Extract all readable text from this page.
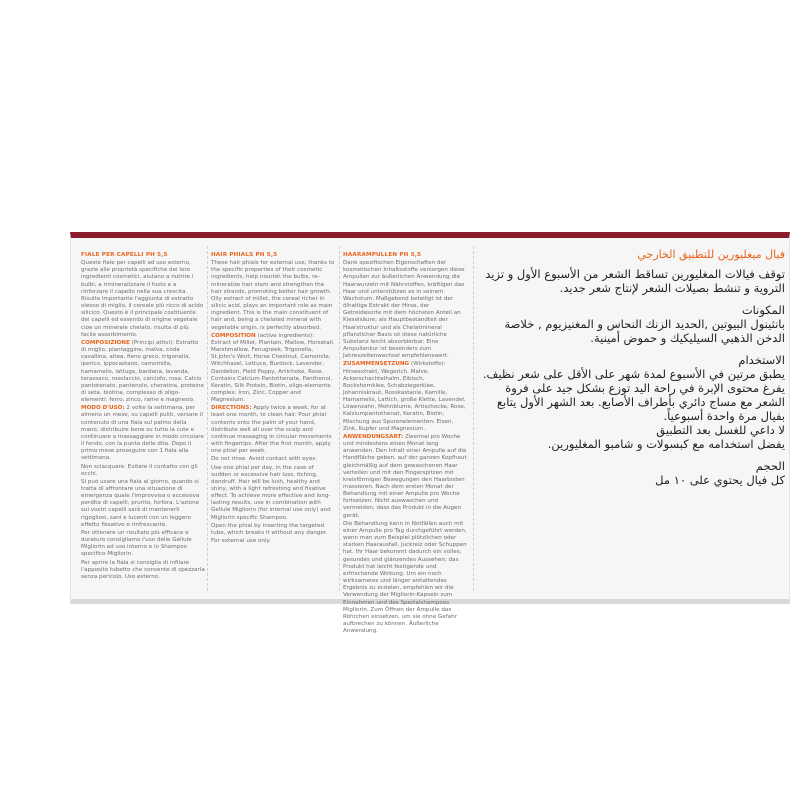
FIALE PER CAPELLI PH 5,5

Queste fiale per capelli ad uso esterno, grazie alle proprietà specifiche dei loro ingredienti cosmetici, aiutano a nutrire i bulbi, a rimineralizzare il fusto e a rinforzare il capello nella sua crescita. Risulta importante l'aggiunta di estratto oleoso di miglio, il cereale più ricco di acido silicico. Questo è il principale costituente dei capelli ed essendo di origine vegetale cioe un minerale chelato, risulta di più facile assorbimento.

COMPOSIZIONE (Principi attivi): Estratto di miglio, piantaggine, malva, coda cavallina, altea, fieno greco, trigonella, iperico, ippocastano, camomilla, hamamelis, lattuga, bardana, lavanda, tarassaco, rosolaccio, carciofo, rosa. Calcio pantotenato, pantenolo, cheratina, proteine di seta, biotina, complesso di oligo-elementi: ferro, zinco, rame e magnesio.

MODO D'USO: 2 volte la settimana, per almeno un mese, su capelli puliti, versare il contenuto di una fiala sul palmo della mano, distribuire bene su tutta la cute e continuare a massaggiare in modo circolare il fondo, con la punta delle dita. Dopo il primo mese proseguire con 1 fiala alla settimana.

Non sciacquare. Evitare il contatto con gli occhi.

Si può usare una fiala al giorno, quando si tratta di affrontare una situazione di emergenza quale l'improvvisa o eccessiva perdita di capelli, prurito, forfora. L'azione sui vostri capelli sarà di mantenerli rigogliosi, sani e lucenti con un leggero effetto fissativo e rinfrescante.

Per ottenere un risultato più efficace e duraturo consigliamo l'uso delle Gellule Migliorin ad uso interno e lo Shampoo specifico Migliorin.

Per aprire la fiala si consiglia di infilare l'apposito tubetto che consente di spezzarla senza pericolo. Uso esterno.

HAIR PHIALS PH 5,5

These hair phials for external use, thanks to the specific properties of their cosmetic ingredients, help nourish the bulbs, re-mineralize hair stem and strengthen the hair strands, promoting better hair growth. Oily extract of millet, the cereal richer in silicic acid, plays an important role as main ingredient. This is the main constituent of hair and, being a chelated mineral with vegetable origin, is perfectly absorbed.

COMPOSITION (active ingredients): Extract of Millet, Plantain, Mallow, Horsetail, Marshmallow, Fenugreek, Trigonella, St.John's Wort, Horse Chestnut, Camomile, Witchhazel, Lettuce, Burdock, Lavender, Dandelion, Field Poppy, Artichoke, Rose. Contains Calcium Pantothenate, Panthenol, Keratin, Silk Protein, Biotin, oligo-elements complex: Iron, Zinc, Copper and Magnesium.

DIRECTIONS: Apply twice a week, for at least one month, to clean hair. Pour phial contents onto the palm of your hand, distribute well all over the scalp and continue massaging in circular movements with fingertips. After the first month, apply one phial per week.

Do not rinse. Avoid contact with eyes.

Use one phial per day, in the case of sudden or excessive hair loss, itching, dandruff. Hair will be lush, healthy and shiny, with a light refreshing and fixative effect. To achieve more effective and long-lasting results, use in combination with Gellule Migliorin (for internal use only) and Migliorin specific Shampoo.

Open the phial by inserting the targeted tube, which breaks it without any danger.

For external use only.

HAARAMPULLEN PH 5,5

Dank spezifischen Eigenschaften der kosmetischen Inhaltsstoffe versorgen diese Ampullen zur äußerlichen Anwendung die Haarwurzeln mit Nährstoffen, kräftigen das Haar und unterstützen es in seinem Wachstum. Maßgebend beteiligt ist der ölhaltige Extrakt der Hirse, der Getreidesorte mit dem höchsten Anteil an Kieselsäure; als Hauptbestandteil der Haarstruktur und als Chelatmineral pflanzlicher Basis ist diese natürliche Substanz leicht absorbierbar. Eine Ampullenkur ist besonders zum Jahreszeitenwechsel empfehlenswert.

ZUSAMMENSETZUNG (Wirkstoffe): Hirseextrakt, Wegerich, Malve, Ackerschachtelhalm, Eibisch, Bockshornklee, Schabziegerklee, Johanniskraut, Rosskastanie, Kamille, Hamamelis, Lattich, große Klette, Lavendel, Löwenzahn, Mohnblume, Artischocke, Rose, Kalziumpantothenat, Keratin, Biotin, Mischung aus Spurenelementen: Eisen, Zink, Kupfer und Magnesium.

ANWENDUNGSART: Zweimal pro Woche und mindestens einen Monat lang anwenden. Den Inhalt einer Ampulle auf die Handfläche geben, auf der ganzen Kopfhaut gleichmäßig auf dem gewaschenen Haar verteilen und mit den Fingerspitzen mit kreisförmigen Bewegungen den Haarboden massieren. Nach dem ersten Monat der Behandlung mit einer Ampulle pro Woche fortsetzen. Nicht auswaschen und vermeiden, dass das Produkt in die Augen gerät.

Die Behandlung kann in Notfällen auch mit einer Ampulle pro Tag durchgeführt werden, wenn man zum Beispiel plötzlichen oder starken Haarausfall, Juckreiz oder Schuppen hat. Ihr Haar bekommt dadurch ein volles, gesundes und glänzendes Aussehen; das Produkt hat leicht festigende und erfrischende Wirkung. Um ein noch wirksameres und länger anhaltendes Ergebnis zu erzielen, empfehlen wir die Verwendung der Migliorin-Kapseln zum Einnehmen und des Spezialshampoos Migliorin. Zum Öffnen der Ampulle das Röhrchen einsetzen, um sie ohne Gefahr aufbrechen zu können. Äußerliche Anwendung.

فيال ميغليورين للتطبيق الخارجي

توقف فيالات المغليورين تساقط الشعر من الأسبوع الأول و تزيد التروية و تنشط بصيلات الشعر لإنتاج شعر جديد.

المكونات

بانثينول البيوتين ,الحديد الزنك النحاس و المغنيزيوم , خلاصة الدخن الذهبي السيليكيك و حموض أمينية.

الاستخدام

يطبق مرتين في الأسبوع لمدة شهر على الأقل على شعر نظيف. يفرغ محتوى الإبرة في راحة اليد توزع بشكل جيد على فروة الشعر مع مساج دائري بأطراف الأصابع. بعد الشهر الأول يتابع بفيال مرة واحدة أسبوعياً.

لا داعي للغسل بعد التطبيق

يفضل استخدامه مع كبسولات و شامبو المغليورين.

الحجم

كل فيال يحتوي على ١٠ مل
